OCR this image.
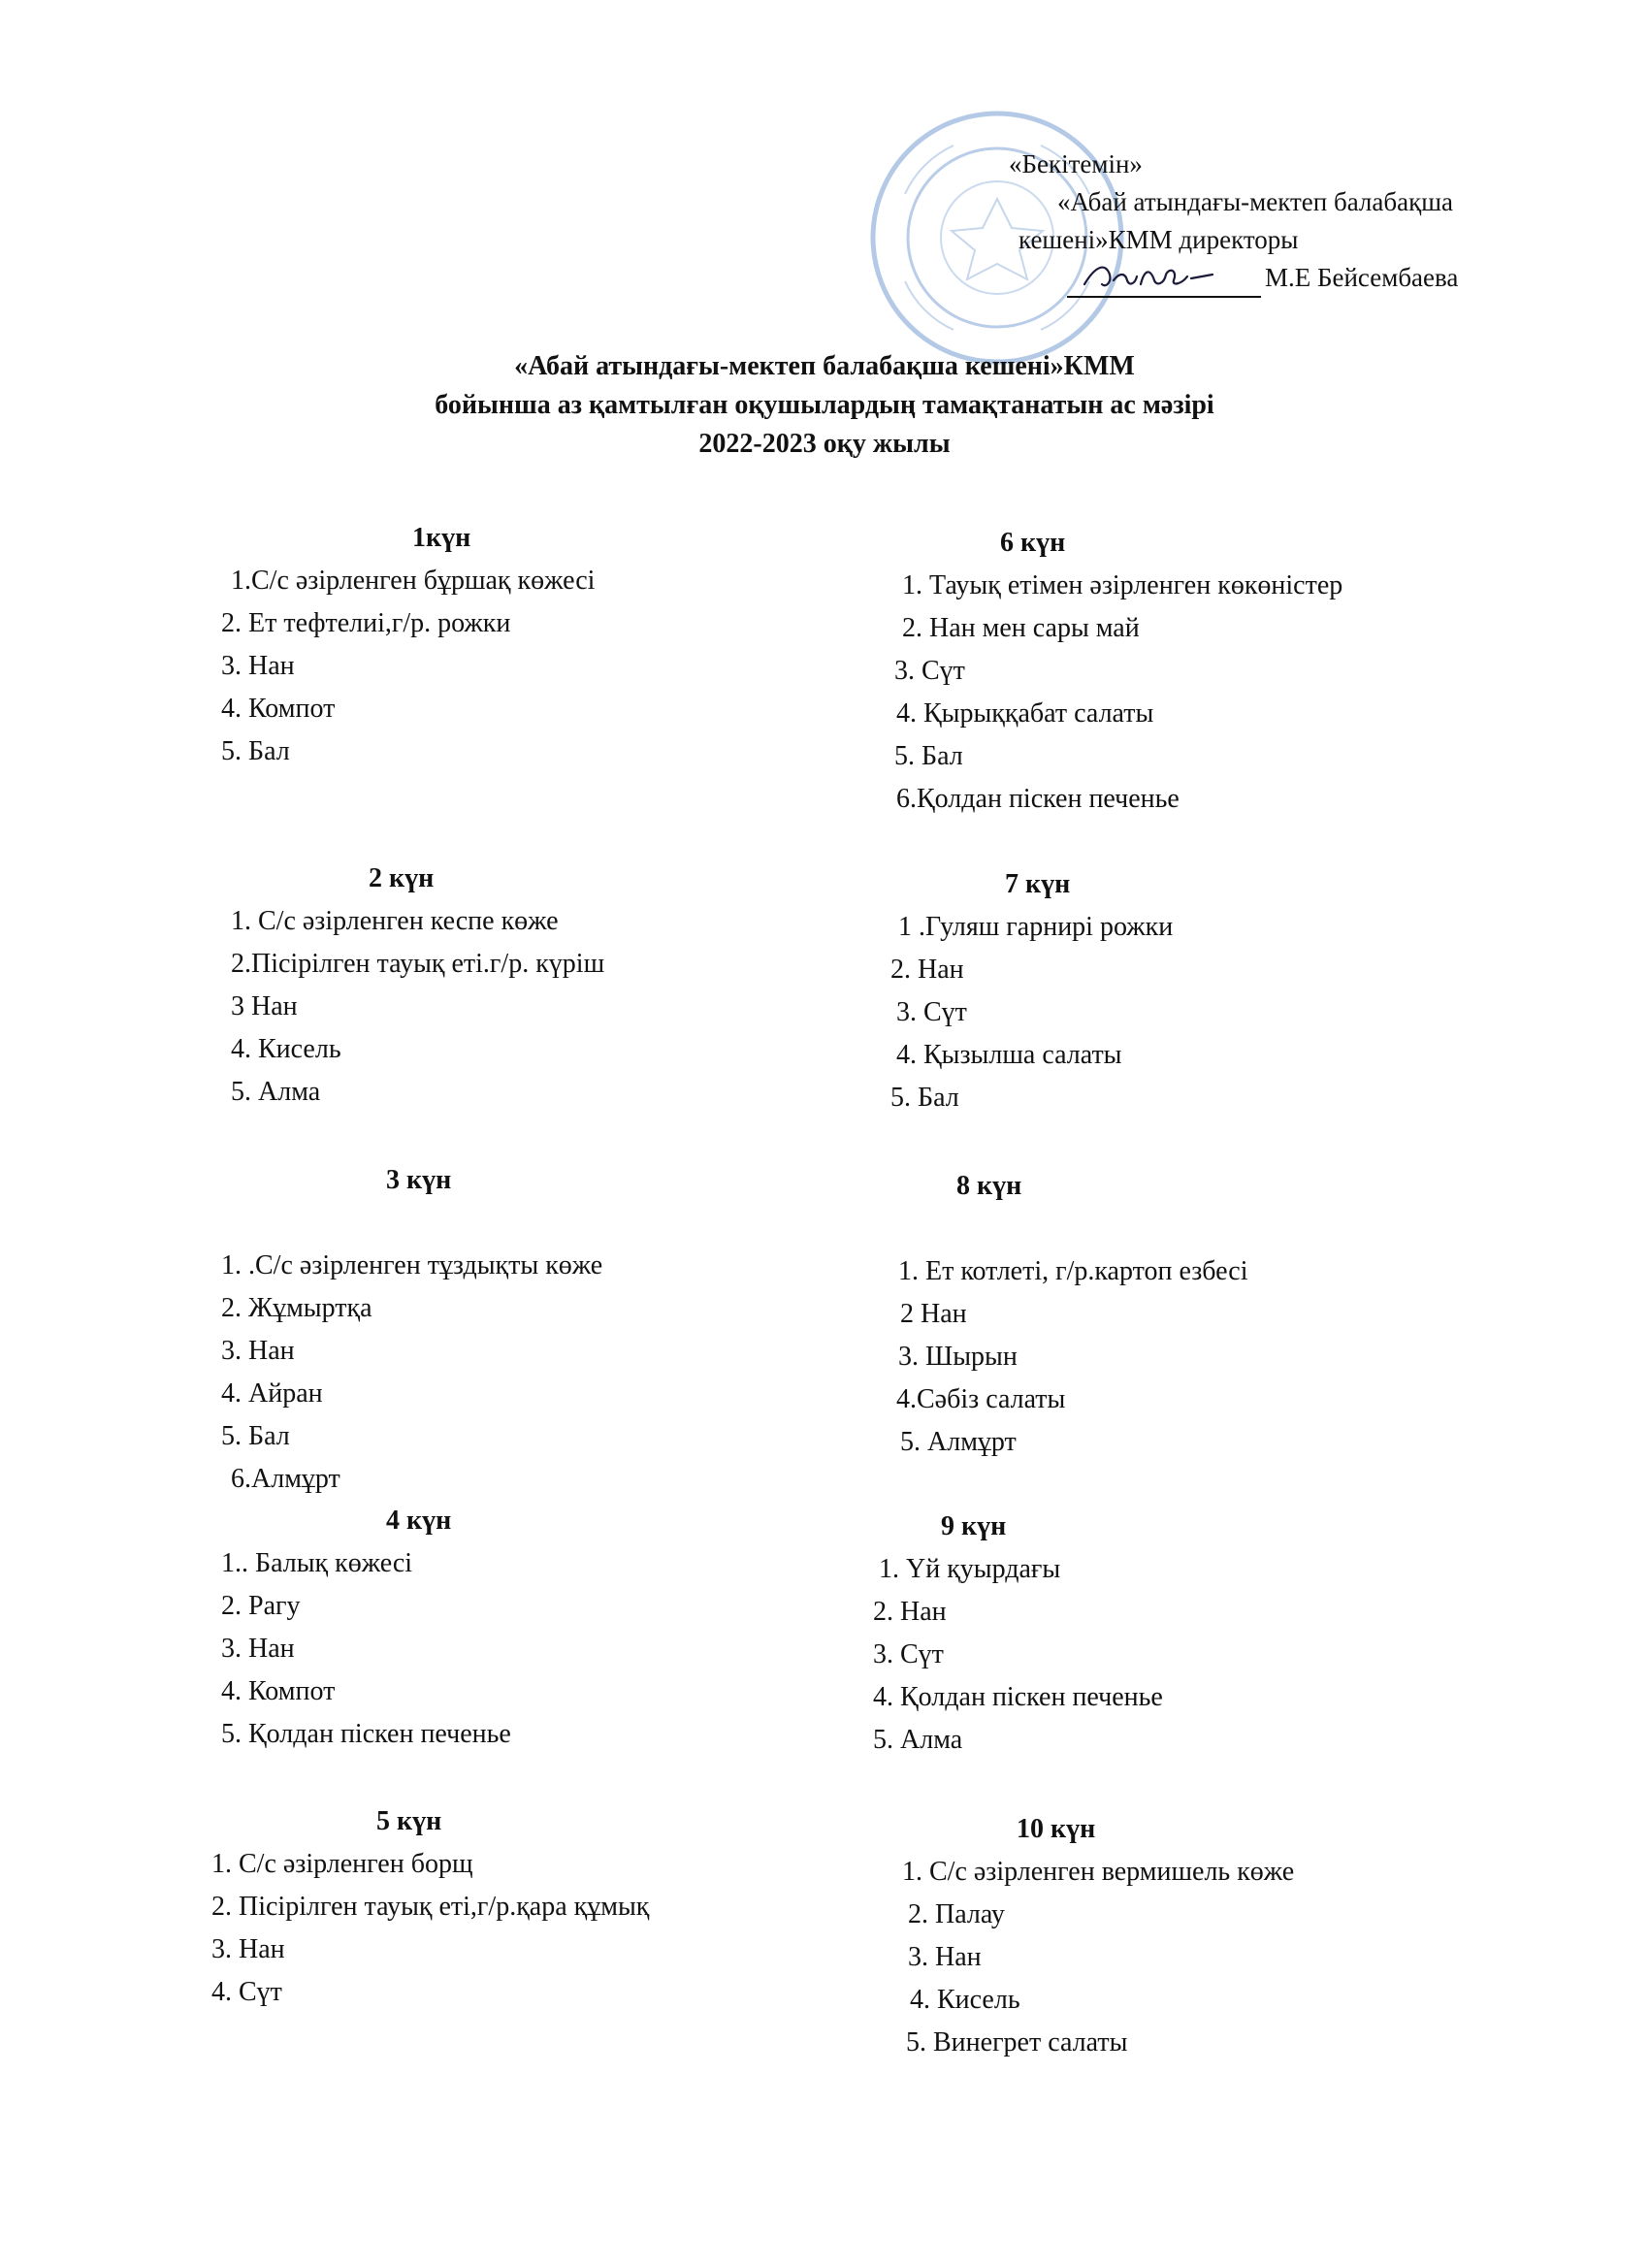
«Бекітемін»
«Абай атындағы-мектеп балабақша
кешені»КММ директоры
М.Е Бейсембаева
«Абай атындағы-мектеп балабақша кешені»КММ
бойынша аз қамтылған оқушылардың тамақтанатын ас мәзірі
2022-2023 оқу жылы
1күн
1.С/с әзірленген бұршақ көжесі
2. Ет тефтелиі,г/р. рожки
3. Нан
4. Компот
5. Бал
2 күн
1. С/с әзірленген кеспе көже
2.Пісірілген тауық еті.г/р. күріш
3 Нан
4. Кисель
5. Алма
3 күн
1. .С/с әзірленген тұздықты көже
2. Жұмыртқа
3. Нан
4. Айран
5. Бал
6.Алмұрт
4 күн
1.. Балық көжесі
2. Рагу
3. Нан
4. Компот
5. Қолдан піскен печенье
5 күн
1. С/с әзірленген борщ
2. Пісірілген тауық еті,г/р.қара құмық
3. Нан
4. Сүт
6 күн
1. Тауық етімен әзірленген көкөністер
2. Нан мен сары май
3. Сүт
4. Қырыққабат салаты
5. Бал
6.Қолдан піскен печенье
7 күн
1 .Гуляш гарнирі рожки
2. Нан
3. Сүт
4. Қызылша салаты
5. Бал
8 күн
1. Ет котлеті, г/р.картоп езбесі
2 Нан
3. Шырын
4.Сәбіз салаты
5. Алмұрт
9 күн
1. Үй қуырдағы
2. Нан
3. Сүт
4. Қолдан піскен печенье
5. Алма
10 күн
1. С/с әзірленген вермишель көже
2. Палау
3. Нан
4. Кисель
5. Винегрет салаты
